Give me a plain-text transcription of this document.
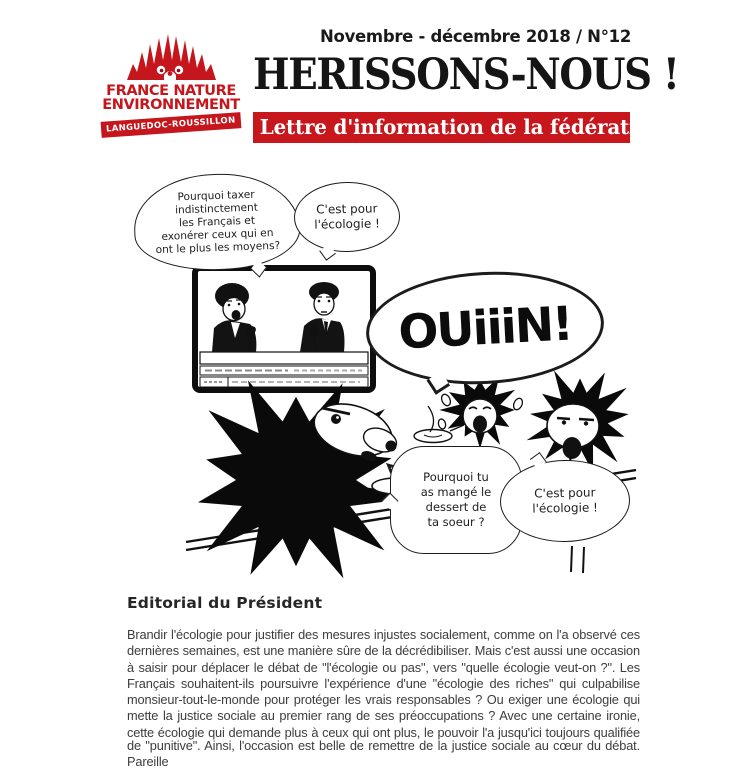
FRANCE NATURE
ENVIRONNEMENT
LANGUEDOC-ROUSSILLON
Novembre - décembre 2018 / N°12
HERISSONS-NOUS !
Lettre d'information de la fédération
Pourquoi taxer
indistinctement
les Français et
exonérer ceux qui en
ont le plus les moyens?
C'est pour
l'écologie !
OUiiiN!
Pourquoi tu
as mangé le
dessert de
ta soeur ?
C'est pour
l'écologie !
Editorial du Président
Brandir l'écologie pour justifier des mesures injustes socialement, comme on l'a observé ces
dernières semaines, est une manière sûre de la décrédibiliser. Mais c'est aussi une occasion
à saisir pour déplacer le débat de "l'écologie ou pas", vers "quelle écologie veut-on ?". Les
Français souhaitent-ils poursuivre l'expérience d'une "écologie des riches" qui culpabilise
monsieur-tout-le-monde pour protéger les vrais responsables ? Ou exiger une écologie qui
mette la justice sociale au premier rang de ses préoccupations ? Avec une certaine ironie,
cette écologie qui demande plus à ceux qui ont plus, le pouvoir l'a jusqu'ici toujours qualifiée
de "punitive". Ainsi, l'occasion est belle de remettre de la justice sociale au cœur du débat. Pareille
